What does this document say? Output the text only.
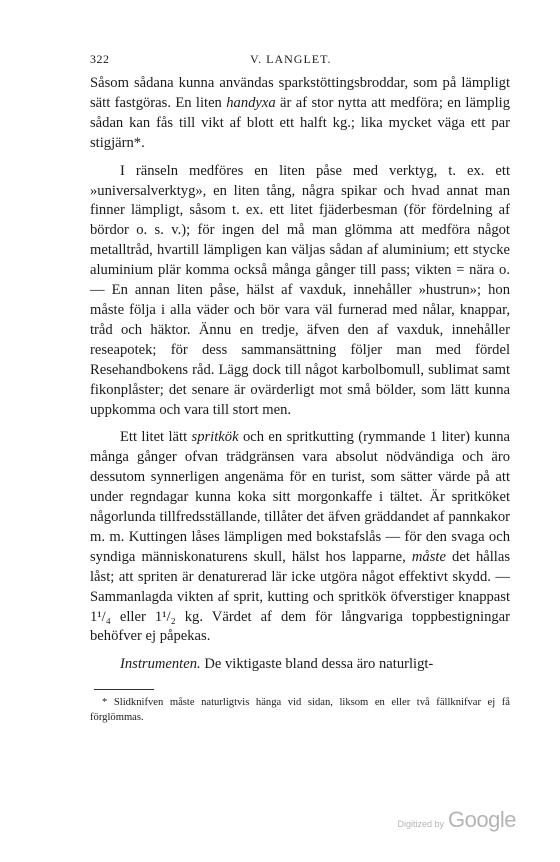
322	V. LANGLET.

Såsom sådana kunna användas sparkstöttingsbroddar, som på lämpligt sätt fastgöras. En liten handyxa är af stor nytta att medföra; en lämplig sådan kan fås till vikt af blott ett halft kg.; lika mycket väga ett par stigjärn*.

I ränseln medföres en liten påse med verktyg, t. ex. ett »universalverktyg», en liten tång, några spikar och hvad annat man finner lämpligt, såsom t. ex. ett litet fjäderbesman (för fördelning af bördor o. s. v.); för ingen del må man glömma att medföra något metalltråd, hvartill lämpligen kan väljas sådan af aluminium; ett stycke aluminium plär komma också många gånger till pass; vikten = nära o. — En annan liten påse, hälst af vaxduk, innehåller »hustrun»; hon måste följa i alla väder och bör vara väl furnerad med nålar, knappar, tråd och häktor. Ännu en tredje, äfven den af vaxduk, innehåller reseapotek; för dess sammansättning följer man med fördel Resehandbokens råd. Lägg dock till något karbolbomull, sublimat samt fikonplåster; det senare är ovärderligt mot små bölder, som lätt kunna uppkomma och vara till stort men.

Ett litet lätt spritkök och en spritkutting (rymmande 1 liter) kunna många gånger ofvan trädgränsen vara absolut nödvändiga och äro dessutom synnerligen angenäma för en turist, som sätter värde på att under regndagar kunna koka sitt morgonkaffe i tältet. Är spritköket någorlunda tillfredsställande, tillåter det äfven gräddandet af pannkakor m. m. Kuttingen låses lämpligen med bokstafslås — för den svaga och syndiga människonaturens skull, hälst hos lapparne, måste det hållas låst; att spriten är denaturerad lär icke utgöra något effektivt skydd. — Sammanlagda vikten af sprit, kutting och spritkök öfverstiger knappast 1¹/₄ eller 1¹/₂ kg. Värdet af dem för långvariga toppbestigningar behöfver ej påpekas.

Instrumenten. De viktigaste bland dessa äro naturligt-

* Slidknifven måste naturligtvis hänga vid sidan, liksom en eller två fällknifvar ej få förglömmas.

Digitized by Google
